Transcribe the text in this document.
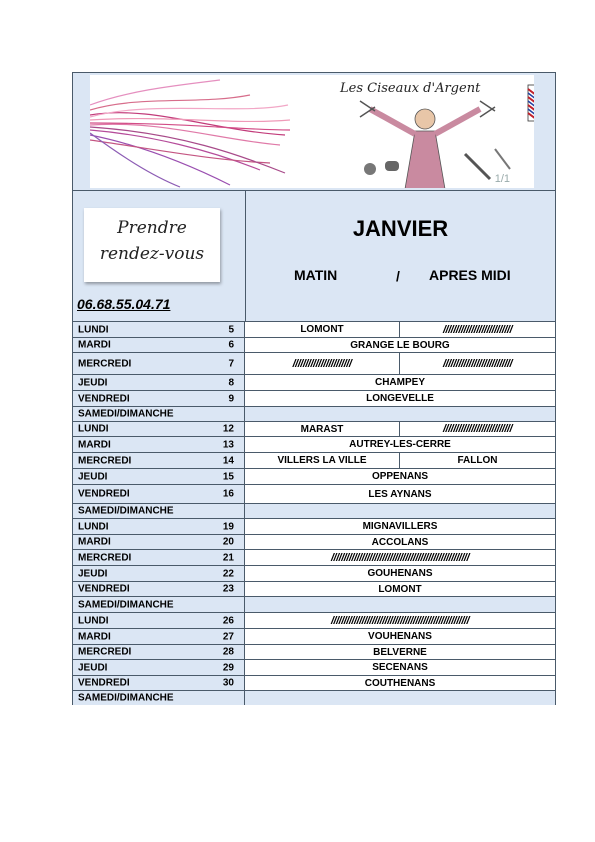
Les Ciseaux d'Argent
1/1
Prendre
rendez-vous
06.68.55.04.71
JANVIER
MATIN	/ APRES MIDI
LUNDI	5	LOMONT	///////////////////////////
MARDI	6	GRANGE LE BOURG
MERCREDI	7	///////////////////////	///////////////////////////
JEUDI	8	CHAMPEY
VENDREDI	9	LONGEVELLE
SAMEDI/DIMANCHE
LUNDI	12	MARAST	///////////////////////////
MARDI	13	AUTREY-LES-CERRE
MERCREDI	14	VILLERS LA VILLE	FALLON
JEUDI	15	OPPENANS
VENDREDI	16	LES AYNANS
SAMEDI/DIMANCHE
LUNDI	19	MIGNAVILLERS
MARDI	20	ACCOLANS
MERCREDI	21	//////////////////////////////////////////////////////
JEUDI	22	GOUHENANS
VENDREDI	23	LOMONT
SAMEDI/DIMANCHE
LUNDI	26	//////////////////////////////////////////////////////
MARDI	27	VOUHENANS
MERCREDI	28	BELVERNE
JEUDI	29	SECENANS
VENDREDI	30	COUTHENANS
SAMEDI/DIMANCHE
